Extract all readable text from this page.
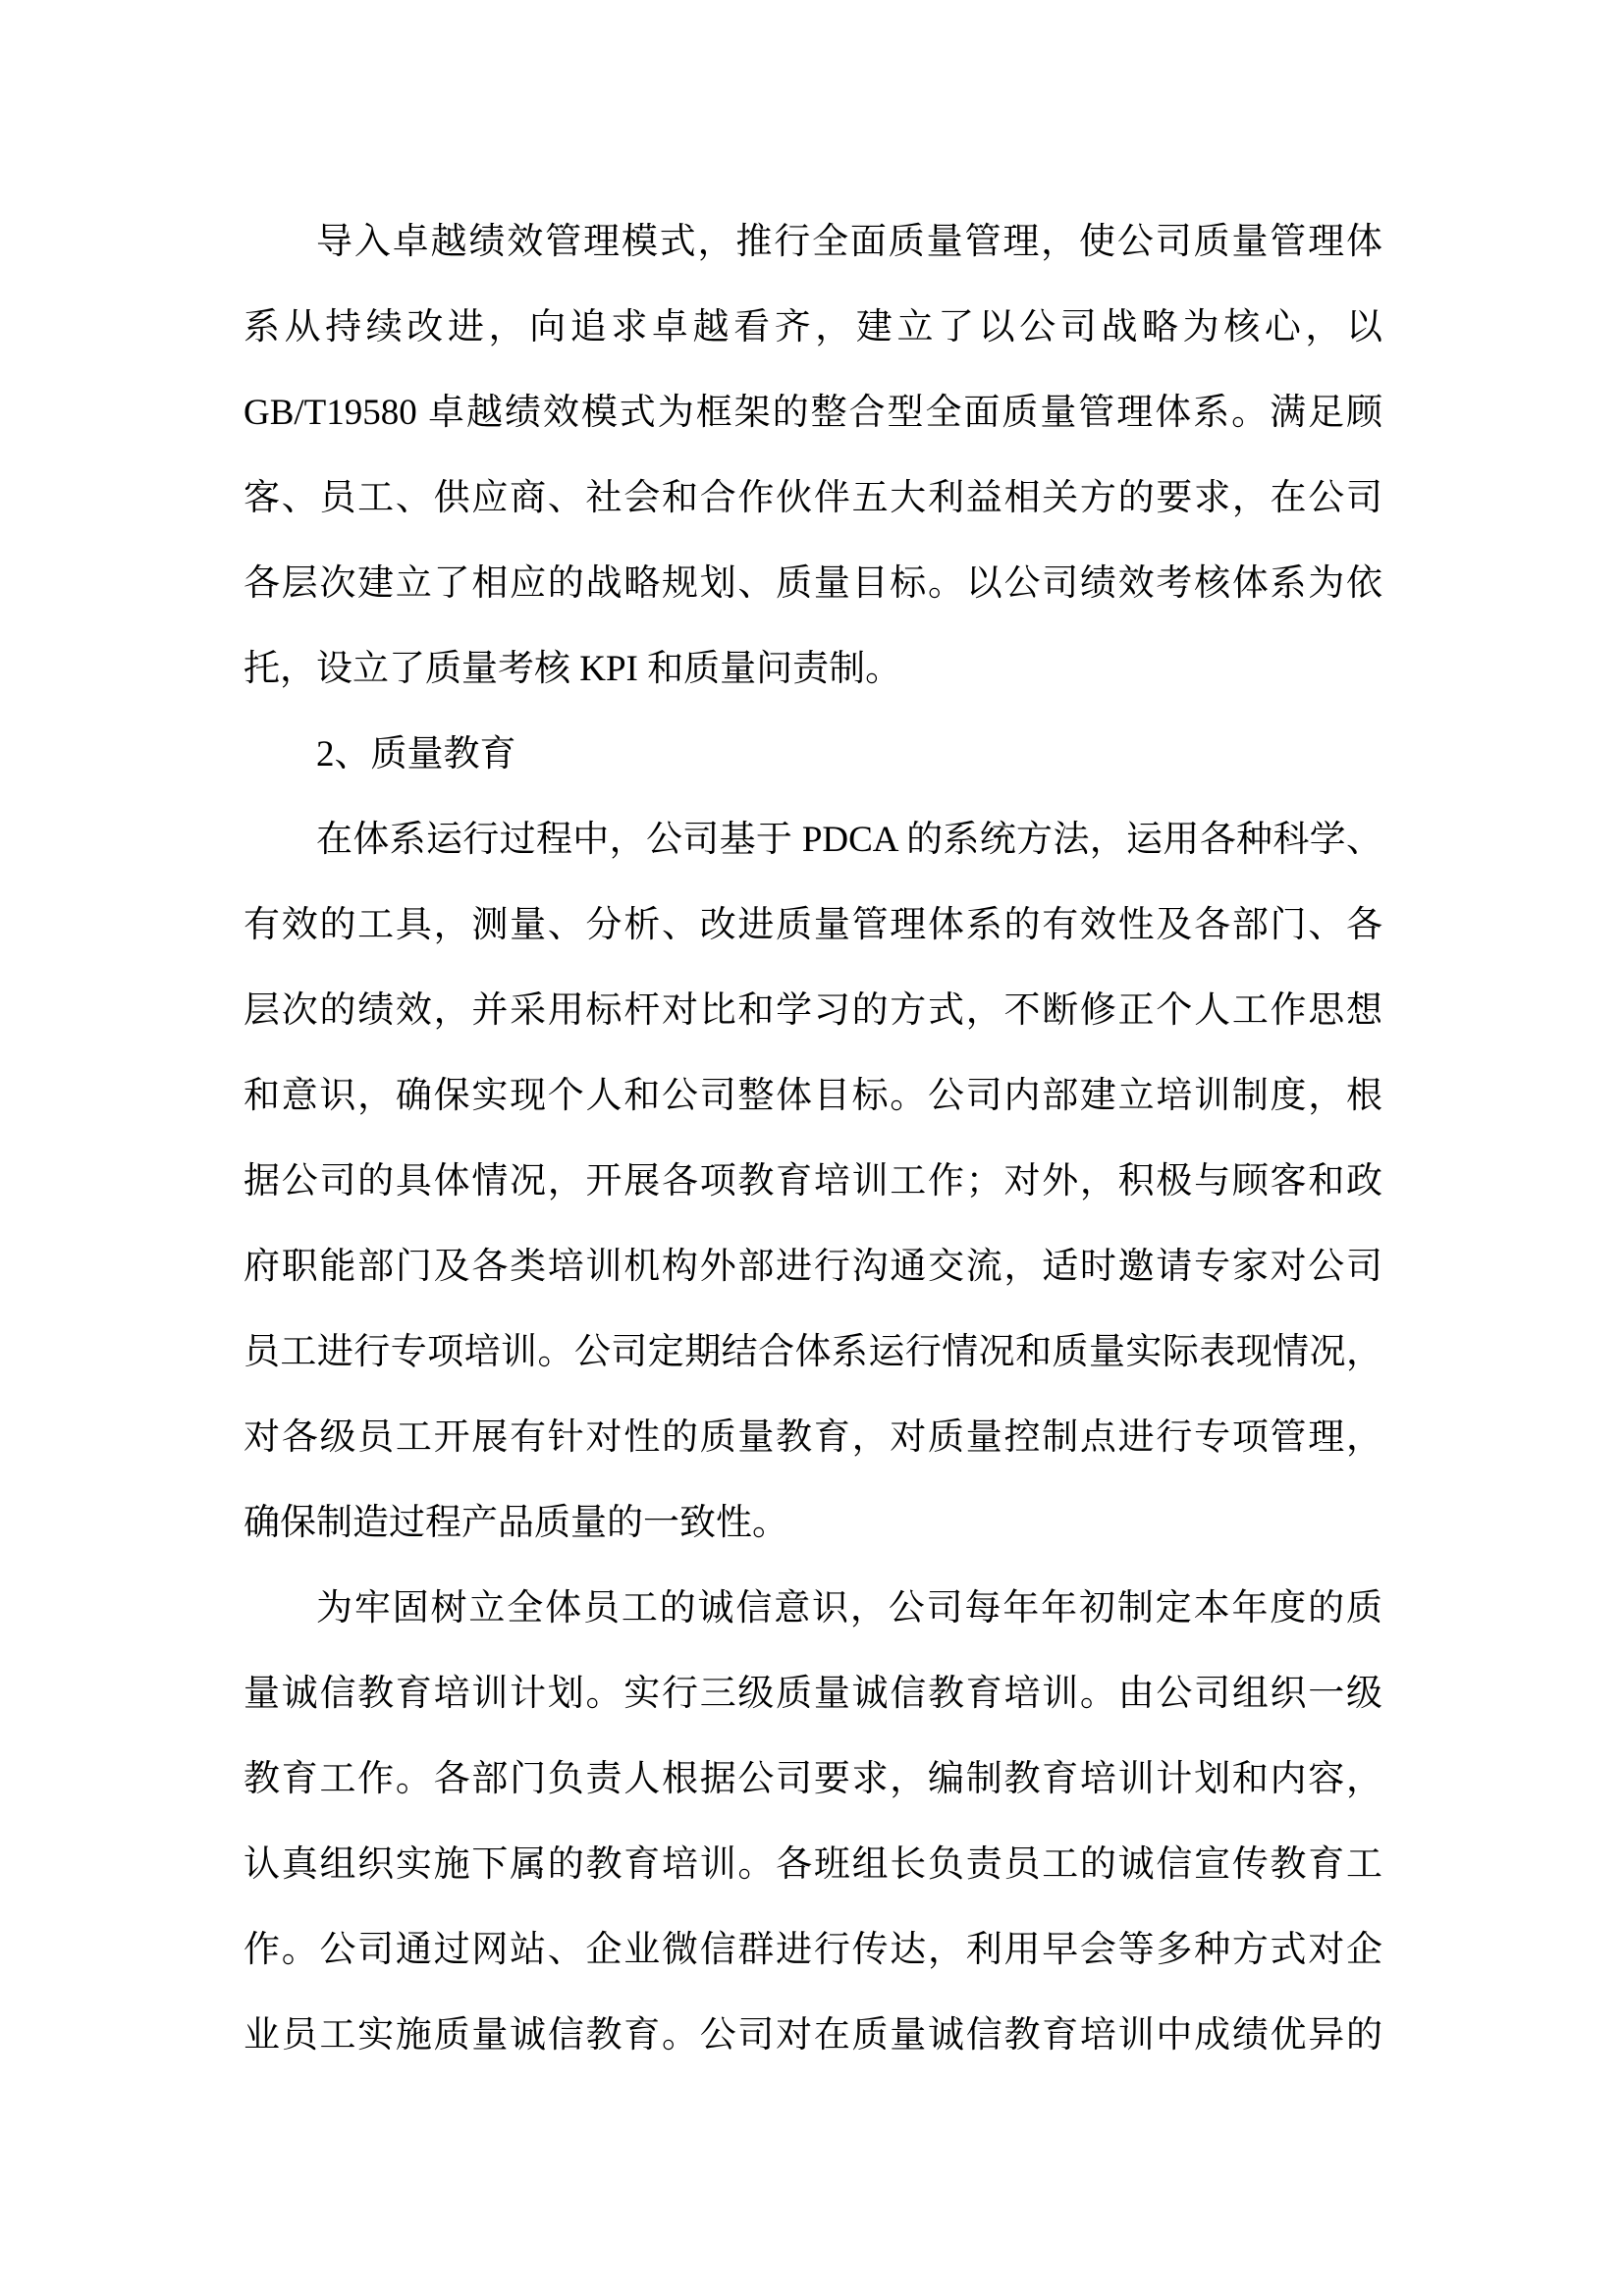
导入卓越绩效管理模式，推行全面质量管理，使公司质量管理体
系从持续改进，向追求卓越看齐，建立了以公司战略为核心，以
GB/T19580 卓越绩效模式为框架的整合型全面质量管理体系。满足顾
客、员工、供应商、社会和合作伙伴五大利益相关方的要求，在公司
各层次建立了相应的战略规划、质量目标。以公司绩效考核体系为依
托，设立了质量考核 KPI 和质量问责制。
2、质量教育
在体系运行过程中，公司基于 PDCA 的系统方法，运用各种科学、
有效的工具，测量、分析、改进质量管理体系的有效性及各部门、各
层次的绩效，并采用标杆对比和学习的方式，不断修正个人工作思想
和意识，确保实现个人和公司整体目标。公司内部建立培训制度，根
据公司的具体情况，开展各项教育培训工作；对外，积极与顾客和政
府职能部门及各类培训机构外部进行沟通交流，适时邀请专家对公司
员工进行专项培训。公司定期结合体系运行情况和质量实际表现情况，
对各级员工开展有针对性的质量教育，对质量控制点进行专项管理，
确保制造过程产品质量的一致性。
为牢固树立全体员工的诚信意识，公司每年年初制定本年度的质
量诚信教育培训计划。实行三级质量诚信教育培训。由公司组织一级
教育工作。各部门负责人根据公司要求，编制教育培训计划和内容，
认真组织实施下属的教育培训。各班组长负责员工的诚信宣传教育工
作。公司通过网站、企业微信群进行传达，利用早会等多种方式对企
业员工实施质量诚信教育。公司对在质量诚信教育培训中成绩优异的
